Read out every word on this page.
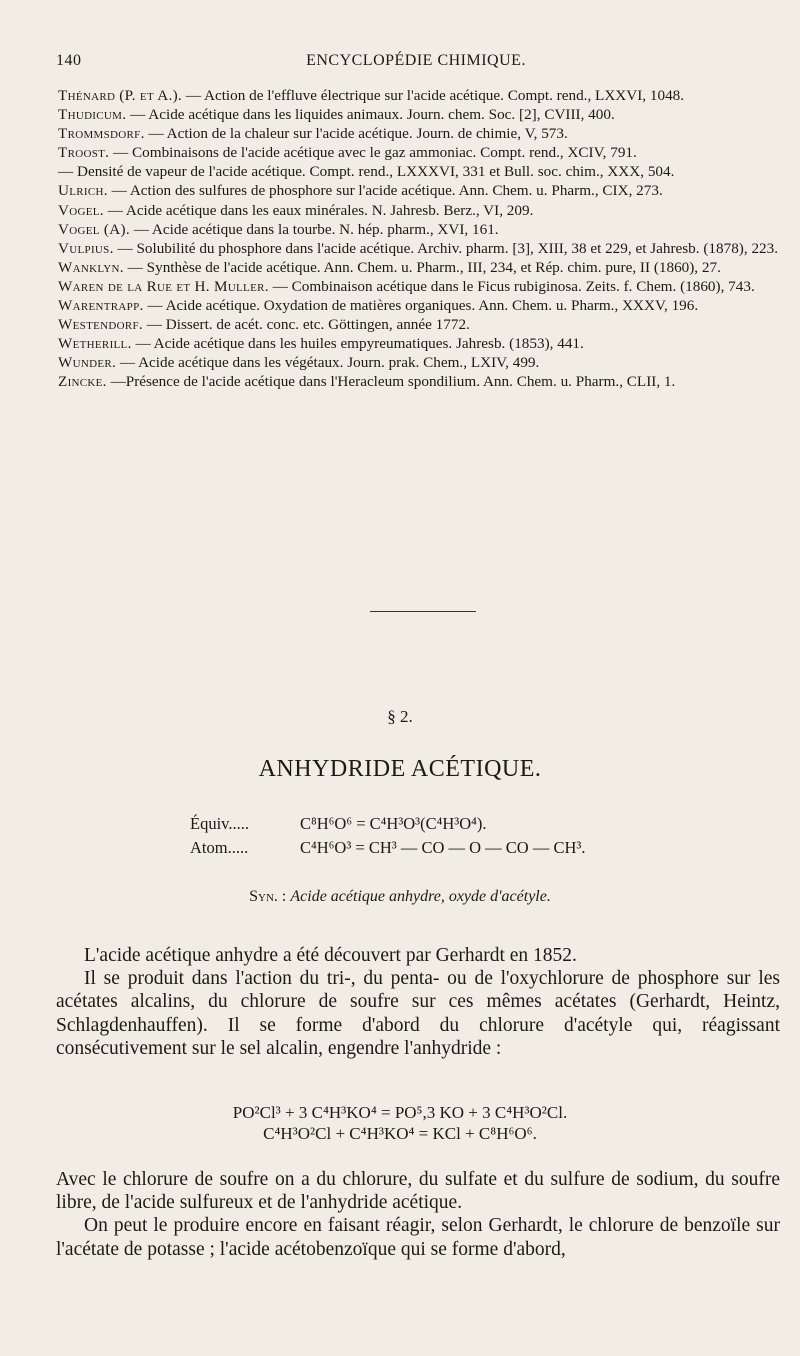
140	ENCYCLOPÉDIE CHIMIQUE.

Thénard (P. et A.). — Action de l'effluve électrique sur l'acide acétique. Compt. rend., LXXVI, 1048.

Thudicum. — Acide acétique dans les liquides animaux. Journ. chem. Soc. [2], CVIII, 400.

Trommsdorf. — Action de la chaleur sur l'acide acétique. Journ. de chimie, V, 573.

Troost. — Combinaisons de l'acide acétique avec le gaz ammoniac. Compt. rend., XCIV, 791.

— Densité de vapeur de l'acide acétique. Compt. rend., LXXXVI, 331 et Bull. soc. chim., XXX, 504.

Ulrich. — Action des sulfures de phosphore sur l'acide acétique. Ann. Chem. u. Pharm., CIX, 273.

Vogel. — Acide acétique dans les eaux minérales. N. Jahresb. Berz., VI, 209.

Vogel (A). — Acide acétique dans la tourbe. N. hép. pharm., XVI, 161.

Vulpius. — Solubilité du phosphore dans l'acide acétique. Archiv. pharm. [3], XIII, 38 et 229, et Jahresb. (1878), 223.

Wanklyn. — Synthèse de l'acide acétique. Ann. Chem. u. Pharm., III, 234, et Rép. chim. pure, II (1860), 27.

Waren de la Rue et H. Muller. — Combinaison acétique dans le Ficus rubiginosa. Zeits. f. Chem. (1860), 743.

Warentrapp. — Acide acétique. Oxydation de matières organiques. Ann. Chem. u. Pharm., XXXV, 196.

Westendorf. — Dissert. de acét. conc. etc. Göttingen, année 1772.

Wetherill. — Acide acétique dans les huiles empyreumatiques. Jahresb. (1853), 441.

Wunder. — Acide acétique dans les végétaux. Journ. prak. Chem., LXIV, 499.

Zincke. —Présence de l'acide acétique dans l'Heracleum spondilium. Ann. Chem. u. Pharm., CLII, 1.

§ 2.
ANHYDRIDE ACÉTIQUE.
Équiv.....	C⁸H⁶O⁶ = C⁴H³O³(C⁴H³O⁴).
Atom.....	C⁴H⁶O³ = CH³ — CO — O — CO — CH³.
Syn. : Acide acétique anhydre, oxyde d'acétyle.

L'acide acétique anhydre a été découvert par Gerhardt en 1852.

Il se produit dans l'action du tri-, du penta- ou de l'oxychlorure de phosphore sur les acétates alcalins, du chlorure de soufre sur ces mêmes acétates (Gerhardt, Heintz, Schlagdenhauffen). Il se forme d'abord du chlorure d'acétyle qui, réagissant consécutivement sur le sel alcalin, engendre l'anhydride :

PO²Cl³ + 3 C⁴H³KO⁴ = PO⁵,3 KO + 3 C⁴H³O²Cl.
C⁴H³O²Cl + C⁴H³KO⁴ = KCl + C⁸H⁶O⁶.

Avec le chlorure de soufre on a du chlorure, du sulfate et du sulfure de sodium, du soufre libre, de l'acide sulfureux et de l'anhydride acétique.

On peut le produire encore en faisant réagir, selon Gerhardt, le chlorure de benzoïle sur l'acétate de potasse ; l'acide acétobenzoïque qui se forme d'abord,
